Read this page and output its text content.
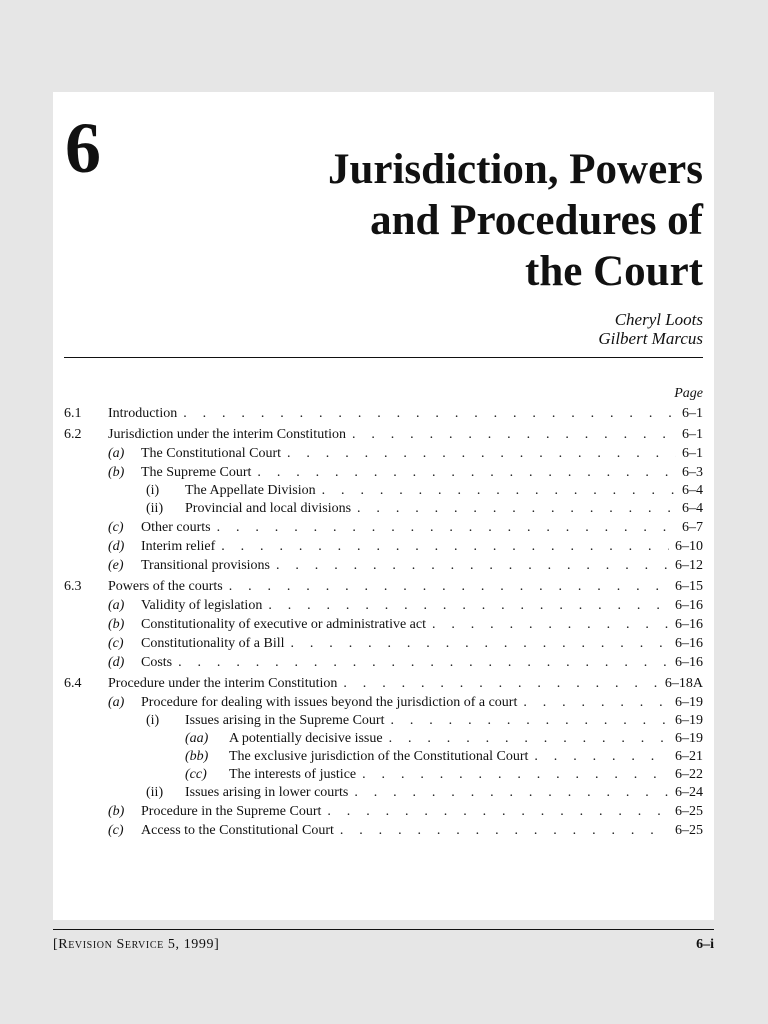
6	Jurisdiction, Powers
and Procedures of
the Court
Cheryl Loots
Gilbert Marcus
Page
6.1 Introduction . . .	6–1
6.2 Jurisdiction under the interim Constitution . . .	6–1
(a) The Constitutional Court . . .	6–1
(b) The Supreme Court . . .	6–3
(i) The Appellate Division . . .	6–4
(ii) Provincial and local divisions . . .	6–4
(c) Other courts . . .	6–7
(d) Interim relief . . .	6–10
(e) Transitional provisions . . .	6–12
6.3 Powers of the courts . . .	6–15
(a) Validity of legislation . . .	6–16
(b) Constitutionality of executive or administrative act . . .	6–16
(c) Constitutionality of a Bill . . .	6–16
(d) Costs . . .	6–16
6.4 Procedure under the interim Constitution . . .	6–18A
(a) Procedure for dealing with issues beyond the jurisdiction of a court . . .	6–19
(i) Issues arising in the Supreme Court . . .	6–19
(aa) A potentially decisive issue . . .	6–19
(bb) The exclusive jurisdiction of the Constitutional Court . . .	6–21
(cc) The interests of justice . . .	6–22
(ii) Issues arising in lower courts . . .	6–24
(b) Procedure in the Supreme Court . . .	6–25
(c) Access to the Constitutional Court . . .	6–25
[Revision Service 5, 1999]	6–i
